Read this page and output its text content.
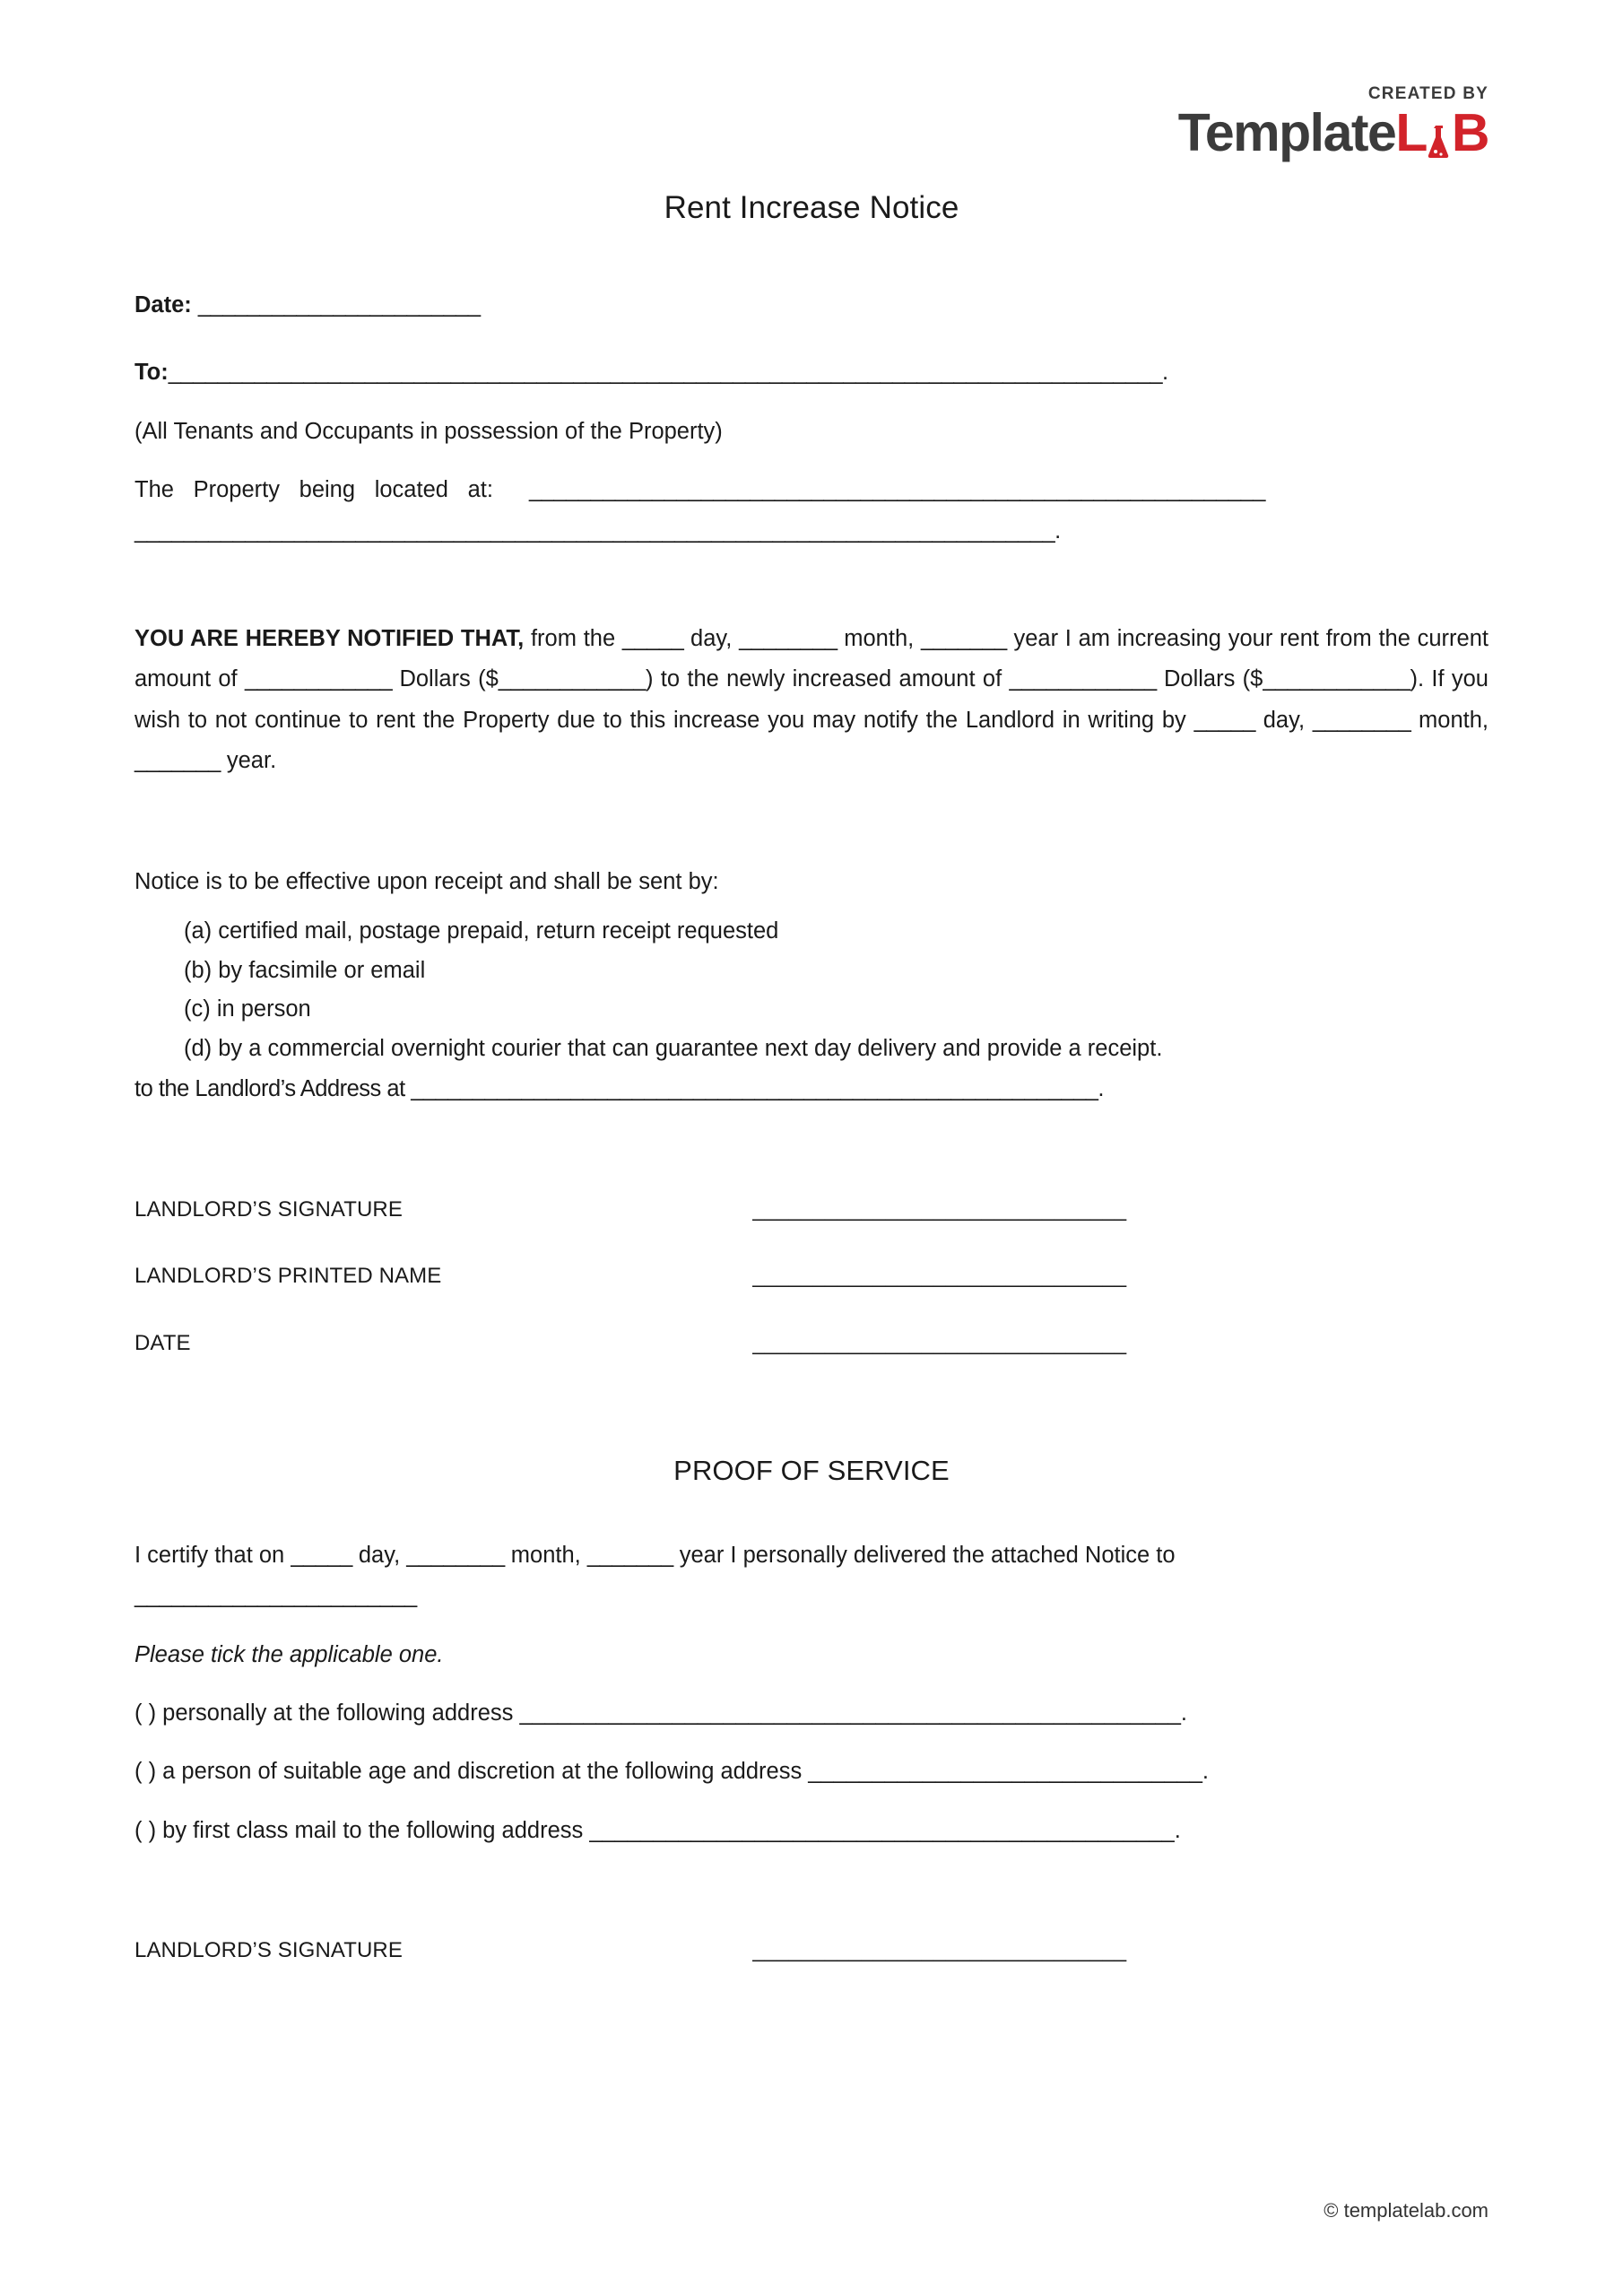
CREATED BY
TemplateL B
Rent Increase Notice
Date: _______________________
To:_________________________________________________________________________________.
(All Tenants and Occupants in possession of the Property)
The Property being located at:	____________________________________________________________
___________________________________________________________________________.
YOU ARE HEREBY NOTIFIED THAT, from the _____ day, ________ month, _______ year I am increasing your rent from the current amount of ____________ Dollars ($____________) to the newly increased amount of ____________ Dollars ($____________). If you wish to not continue to rent the Property due to this increase you may notify the Landlord in writing by _____ day, ________ month, _______ year.
Notice is to be effective upon receipt and shall be sent by:
(a) certified mail, postage prepaid, return receipt requested
(b) by facsimile or email
(c) in person
(d) by a commercial overnight courier that can guarantee next day delivery and provide a receipt.
to the Landlord’s Address at ________________________________________________________.
LANDLORD’S SIGNATURE	_______________________________
LANDLORD’S PRINTED NAME	_______________________________
DATE	_______________________________
PROOF OF SERVICE
I certify that on _____ day, ________ month, _______ year I personally delivered the attached Notice to
_______________________
Please tick the applicable one.
( ) personally at the following address ____________________________________________________.
( ) a person of suitable age and discretion at the following address _______________________________.
( ) by first class mail to the following address ______________________________________________.
LANDLORD’S SIGNATURE	_______________________________
© templatelab.com
